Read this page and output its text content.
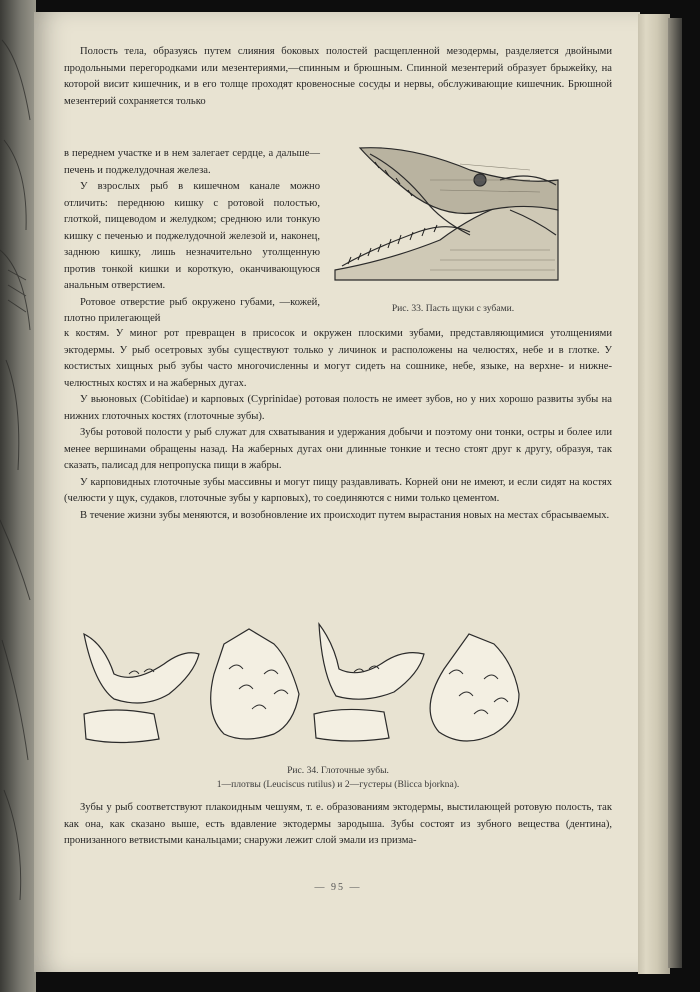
Полость тела, образуясь путем слияния боковых полостей расщепленной мезодермы, разделяется двойными продольными перегородками или мезентериями,—спинным и брюшным. Спинной мезентерий образует брыжейку, на которой висит кишечник, и в его толще проходят кровеносные сосуды и нервы, обслуживающие кишечник. Брюшной мезентерий сохраняется только

в переднем участке и в нем залегает сердце, а дальше—печень и поджелудочная железа.

У взрослых рыб в кишечном канале можно отличить: переднюю кишку с ротовой полостью, глоткой, пищеводом и желудком; среднюю или тонкую кишку с печенью и поджелудочной железой и, наконец, заднюю кишку, лишь незначительно утолщенную против тонкой кишки и короткую, оканчивающуюся анальным отверстием.

Ротовое отверстие рыб окружено губами, —кожей, плотно прилегающей

Рис. 33. Пасть щуки с зубами.

к костям. У миног рот превращен в присосок и окружен плоскими зубами, представляющимися утолщениями эктодермы. У рыб осетровых зубы существуют только у личинок и расположены на челюстях, небе и в глотке. У костистых хищных рыб зубы часто многочисленны и могут сидеть на сошнике, небе, языке, на верхне- и нижне-челюстных костях и на жаберных дугах.

У вьюновых (Cobitidae) и карповых (Cyprinidae) ротовая полость не имеет зубов, но у них хорошо развиты зубы на нижних глоточных костях (глоточные зубы).

Зубы ротовой полости у рыб служат для схватывания и удержания добычи и поэтому они тонки, остры и более или менее вершинами обращены назад. На жаберных дугах они длинные тонкие и тесно стоят друг к другу, образуя, так сказать, палисад для непропуска пищи в жабры.

У карповидных глоточные зубы массивны и могут пищу раздавливать. Корней они не имеют, и если сидят на костях (челюсти у щук, судаков, глоточные зубы у карповых), то соединяются с ними только цементом.

В течение жизни зубы меняются, и возобновление их происходит путем вырастания новых на местах сбрасываемых.

Рис. 34. Глоточные зубы.
1—плотвы (Leuciscus rutilus) и 2—густеры (Blicca bjorkna).

Зубы у рыб соответствуют плакоидным чешуям, т. е. образованиям эктодермы, выстилающей ротовую полость, так как она, как сказано выше, есть вдавление эктодермы зародыша. Зубы состоят из зубного вещества (дентина), пронизанного ветвистыми канальцами; снаружи лежит слой эмали из призма-

— 95 —
